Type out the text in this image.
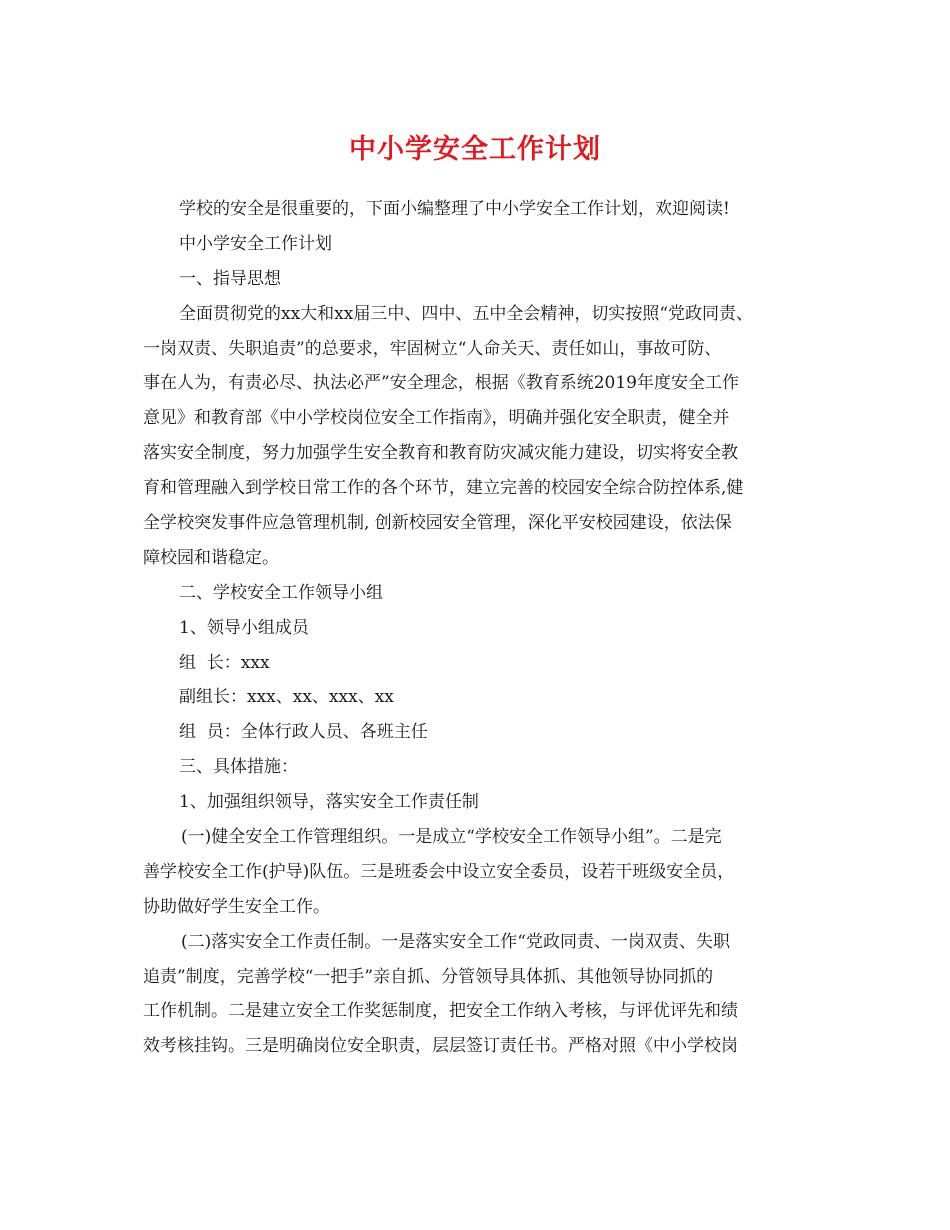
中小学安全工作计划
学校的安全是很重要的，下面小编整理了中小学安全工作计划，欢迎阅读!
中小学安全工作计划
一、指导思想
全面贯彻党的xx大和xx届三中、四中、五中全会精神，切实按照“党政同责、
一岗双责、失职追责”的总要求，牢固树立“人命关天、责任如山，事故可防、
事在人为，有责必尽、执法必严”安全理念，根据《教育系统2019年度安全工作
意见》和教育部《中小学校岗位安全工作指南》，明确并强化安全职责，健全并
落实安全制度，努力加强学生安全教育和教育防灾减灾能力建设，切实将安全教
育和管理融入到学校日常工作的各个环节，建立完善的校园安全综合防控体系,健
全学校突发事件应急管理机制, 创新校园安全管理，深化平安校园建设，依法保
障校园和谐稳定。
二、学校安全工作领导小组
1、领导小组成员
组  长：xxx
副组长：xxx、xx、xxx、xx
组  员：全体行政人员、各班主任
三、具体措施：
1、加强组织领导，落实安全工作责任制
(一)健全安全工作管理组织。一是成立“学校安全工作领导小组”。二是完
善学校安全工作(护导)队伍。三是班委会中设立安全委员，设若干班级安全员，
协助做好学生安全工作。
(二)落实安全工作责任制。一是落实安全工作“党政同责、一岗双责、失职
追责”制度，完善学校“一把手”亲自抓、分管领导具体抓、其他领导协同抓的
工作机制。二是建立安全工作奖惩制度，把安全工作纳入考核，与评优评先和绩
效考核挂钩。三是明确岗位安全职责，层层签订责任书。严格对照《中小学校岗
